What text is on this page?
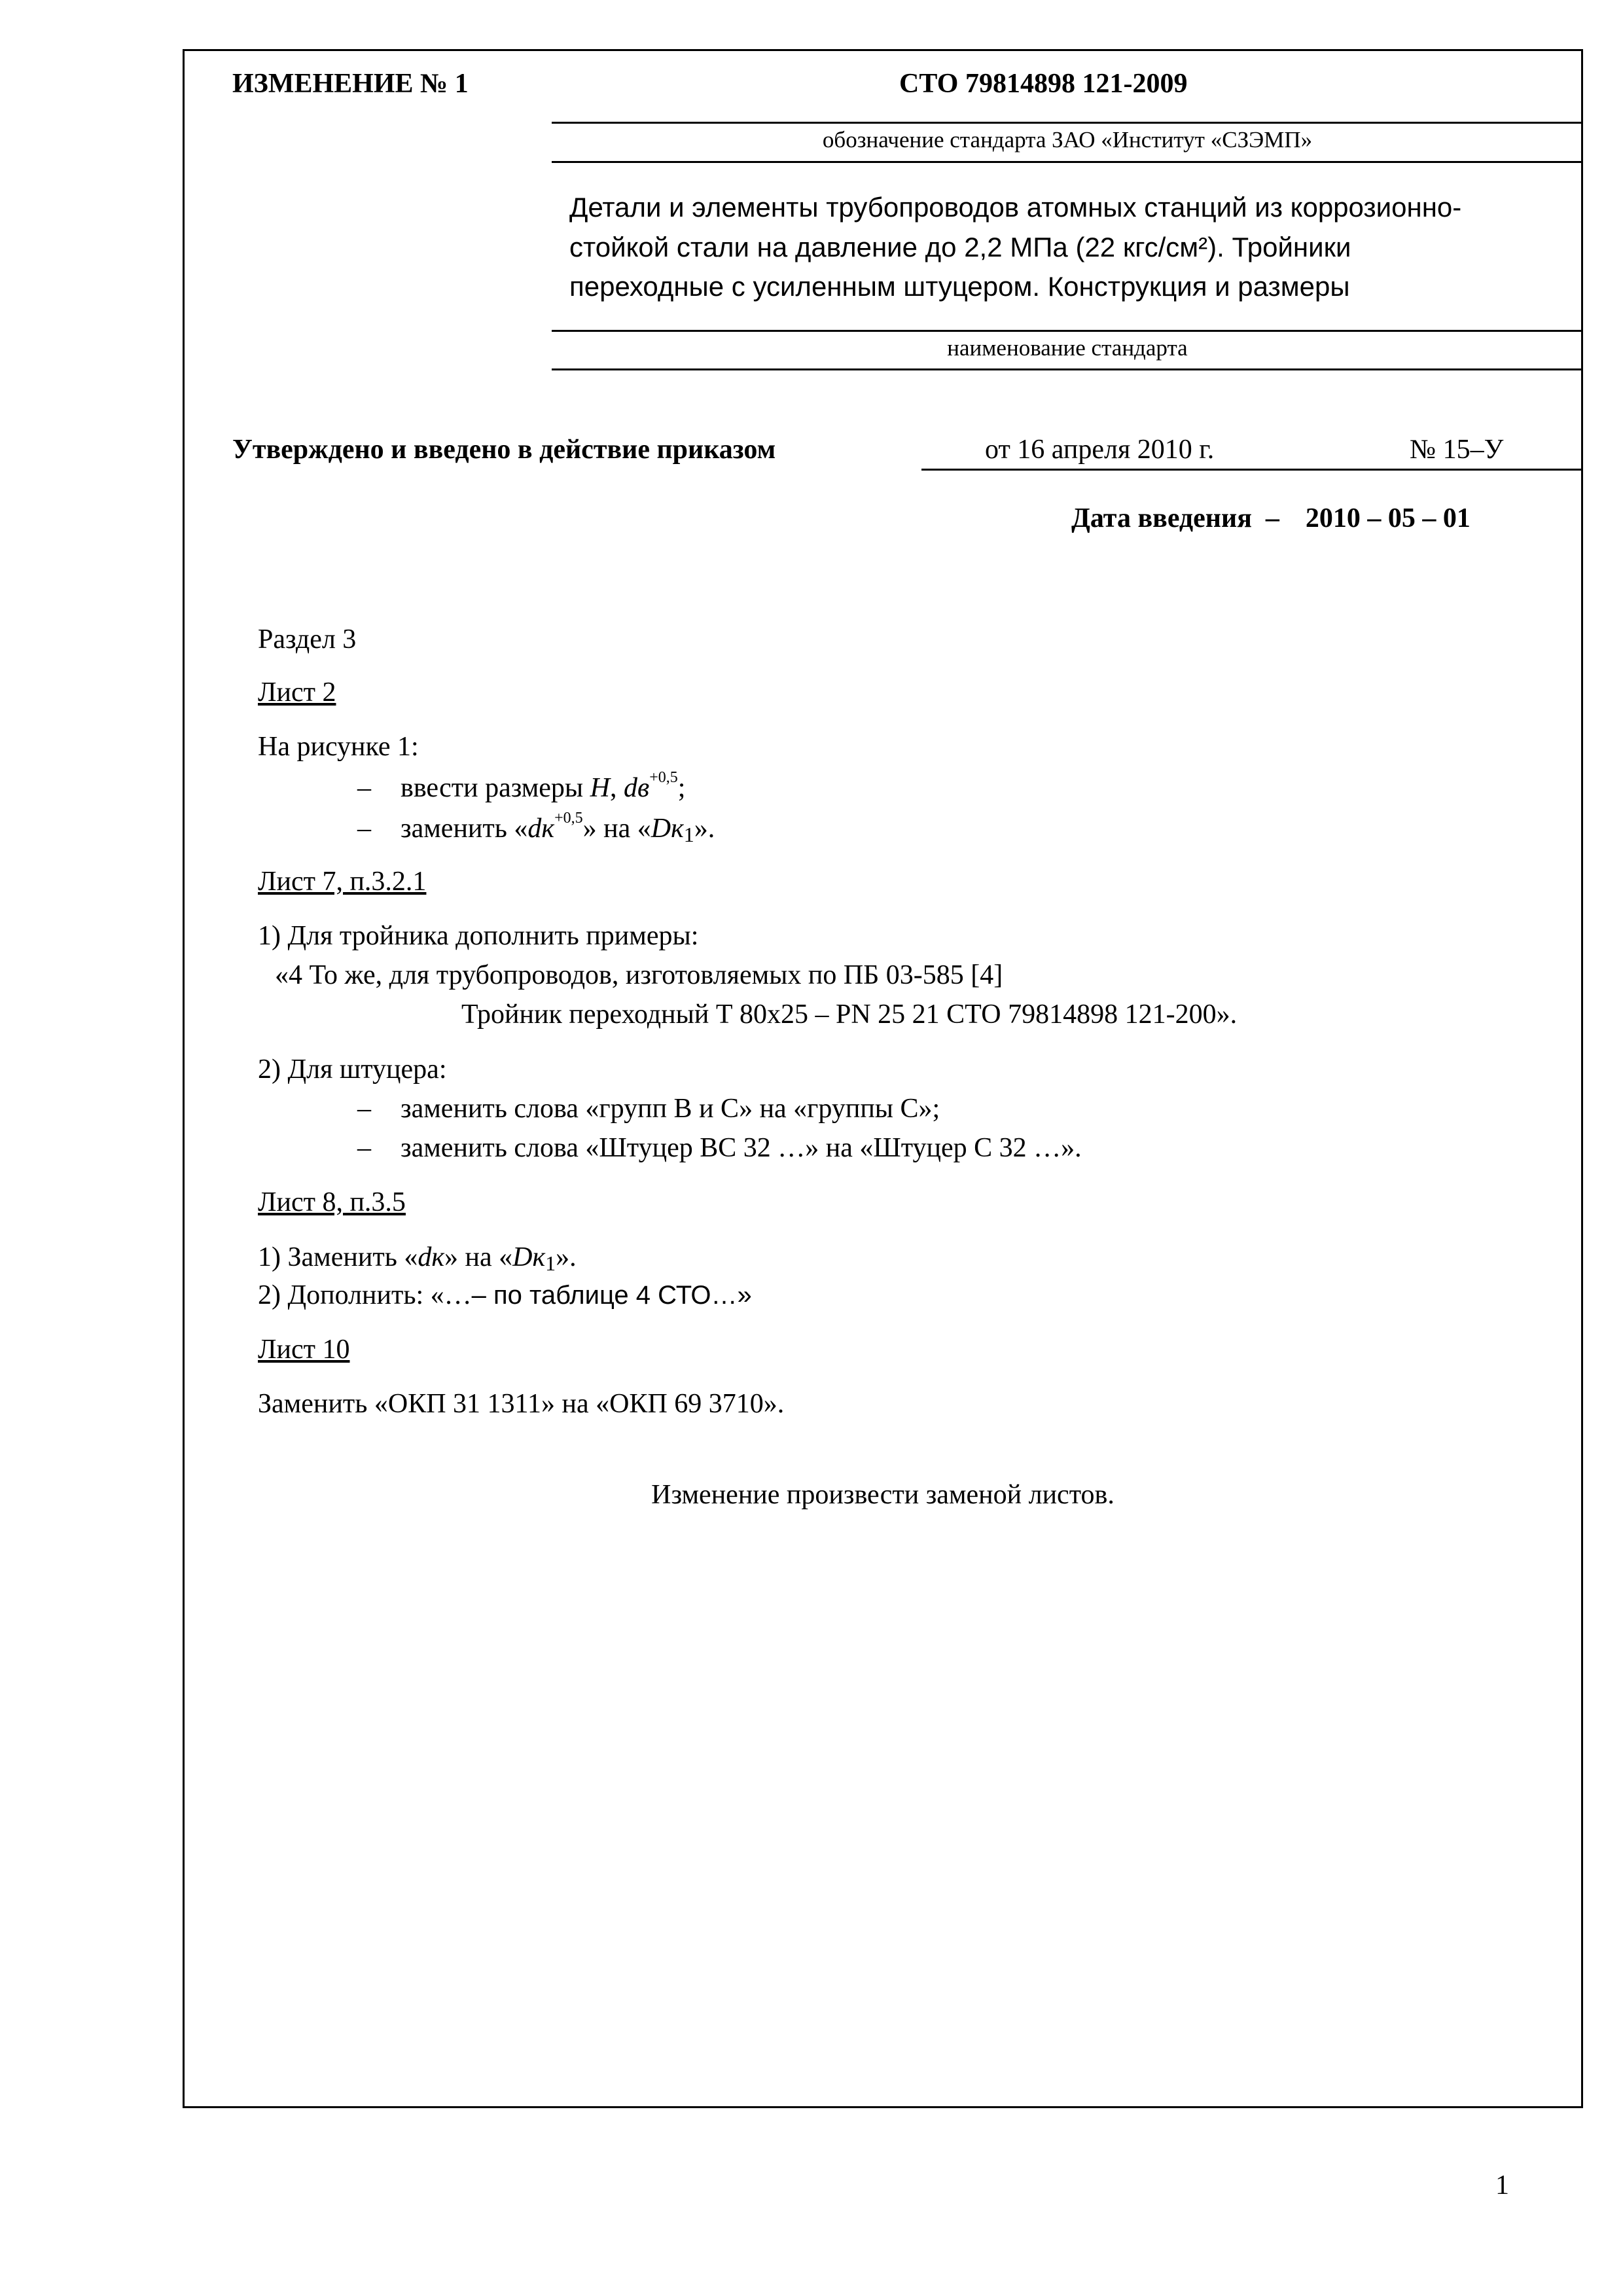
ИЗМЕНЕНИЕ № 1	СТО 79814898 121-2009
обозначение стандарта ЗАО «Институт «СЗЭМП»
Детали и элементы трубопроводов атомных станций из коррозионно-
стойкой стали на давление до 2,2 МПа (22 кгс/см²). Тройники
переходные с усиленным штуцером. Конструкция и размеры
наименование стандарта
Утверждено и введено в действие приказом	от 16 апреля 2010 г.	№ 15–У
Дата введения – 2010 – 05 – 01
Раздел 3
Лист 2
На рисунке 1:
– ввести размеры H, $dв^{+0,5}$;
– заменить «$dк^{+0,5}$» на «$Dк_1$».
Лист 7, п.3.2.1
1) Для тройника дополнить примеры:
«4 То же, для трубопроводов, изготовляемых по ПБ 03-585 [4]
Тройник переходный Т 80х25 – PN 25 21 СТО 79814898 121-200».
2) Для штуцера:
– заменить слова «групп В и С» на «группы С»;
– заменить слова «Штуцер ВС 32 …» на «Штуцер С 32 …».
Лист 8, п.3.5
1) Заменить «dк» на «$Dк_1$».
2) Дополнить: «…– по таблице 4 СТО…»
Лист 10
Заменить «ОКП 31 1311» на «ОКП 69 3710».
Изменение произвести заменой листов.
1
